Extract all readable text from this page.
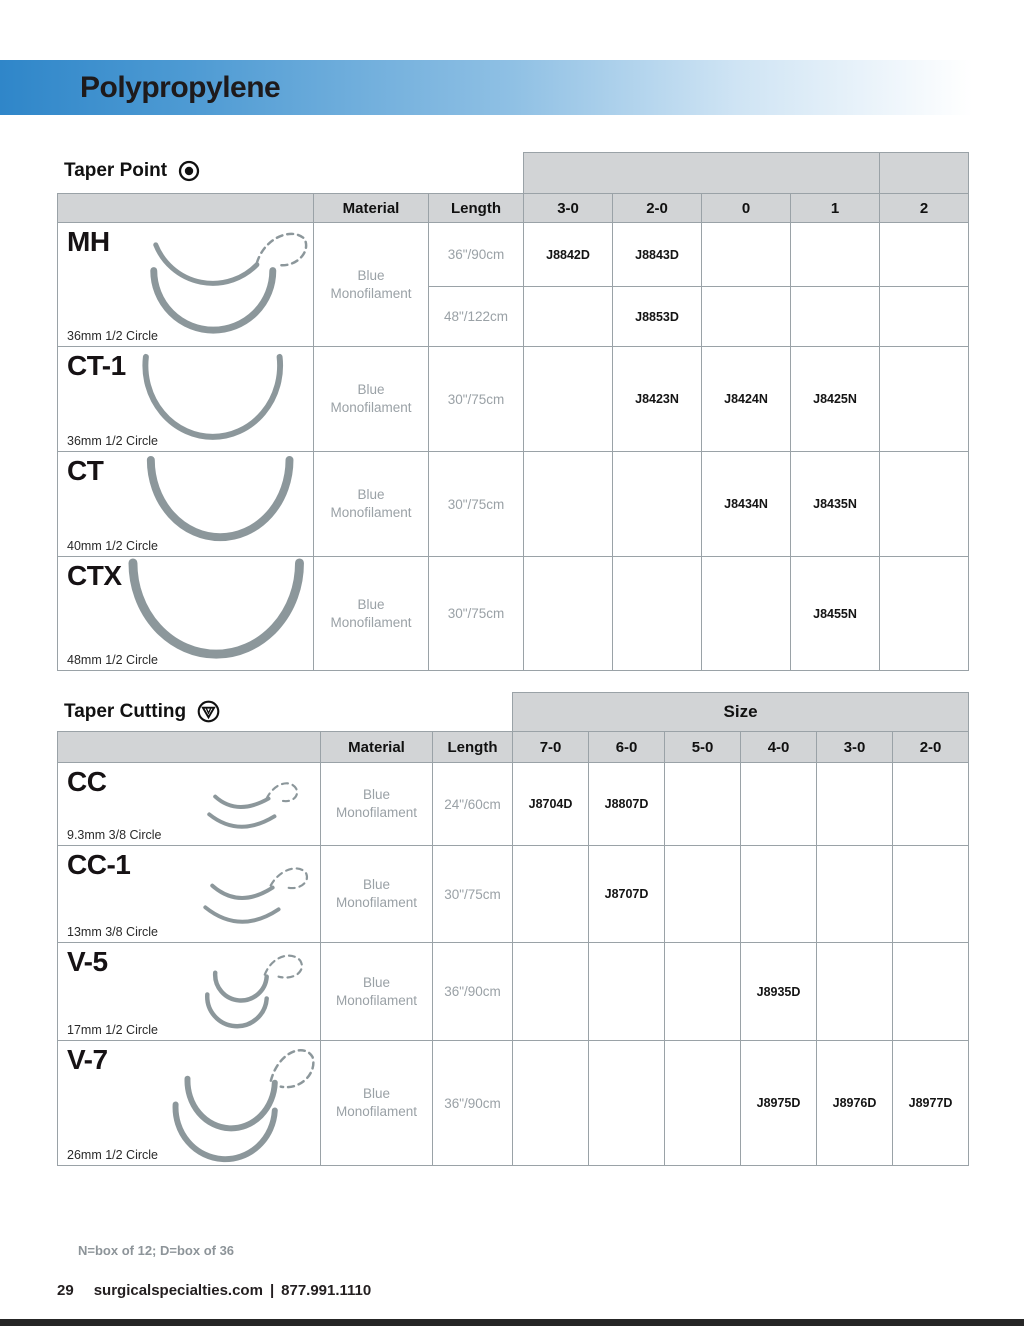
Polypropylene
Taper Point

	Material	Length	3-0	2-0	0	1	2

MH
36mm 1/2 Circle	Blue Monofilament	36"/90cm	J8842D	J8843D			
		48"/122cm		J8853D			

CT-1
36mm 1/2 Circle	Blue Monofilament	30"/75cm		J8423N	J8424N	J8425N	

CT
40mm 1/2 Circle	Blue Monofilament	30"/75cm			J8434N	J8435N	

CTX
48mm 1/2 Circle	Blue Monofilament	30"/75cm				J8455N	
Taper Cutting
			Size					
	Material	Length	7-0	6-0	5-0	4-0	3-0	2-0

CC
9.3mm 3/8 Circle	Blue Monofilament	24"/60cm	J8704D	J8807D				

CC-1
13mm 3/8 Circle	Blue Monofilament	30"/75cm		J8707D				

V-5
17mm 1/2 Circle	Blue Monofilament	36"/90cm				J8935D		

V-7
26mm 1/2 Circle	Blue Monofilament	36"/90cm				J8975D	J8976D	J8977D
N=box of 12; D=box of 36
29 surgicalspecialties.com | 877.991.1110
